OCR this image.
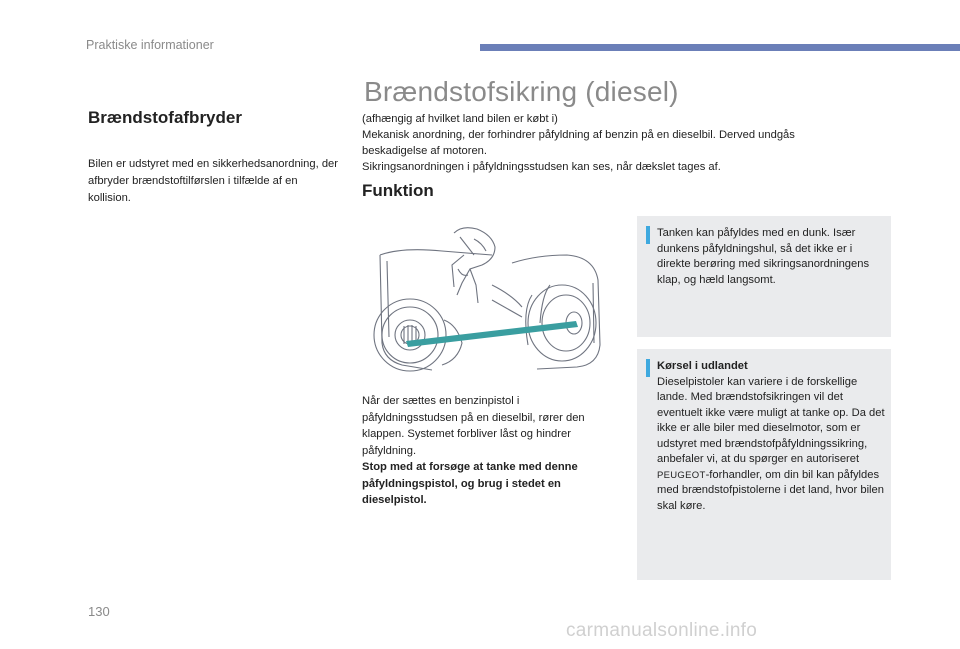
Praktiske informationer
Brændstofafbryder
Bilen er udstyret med en sikkerhedsanordning, der afbryder brændstoftilførslen i tilfælde af en kollision.
Brændstofsikring (diesel)
(afhængig af hvilket land bilen er købt i)
Mekanisk anordning, der forhindrer påfyldning af benzin på en dieselbil. Derved undgås beskadigelse af motoren.
Sikringsanordningen i påfyldningsstudsen kan ses, når dækslet tages af.
Funktion
Når der sættes en benzinpistol i påfyldningsstudsen på en dieselbil, rører den klappen. Systemet forbliver låst og hindrer påfyldning.
Stop med at forsøge at tanke med denne påfyldningspistol, og brug i stedet en dieselpistol.
Tanken kan påfyldes med en dunk. Især dunkens påfyldningshul, så det ikke er i direkte berøring med sikringsanordningens klap, og hæld langsomt.
Kørsel i udlandet
Dieselpistoler kan variere i de forskellige lande. Med brændstofsikringen vil det eventuelt ikke være muligt at tanke op. Da det ikke er alle biler med dieselmotor, som er udstyret med brændstofpåfyldningssikring, anbefaler vi, at du spørger en autoriseret PEUGEOT-forhandler, om din bil kan påfyldes med brændstofpistolerne i det land, hvor bilen skal køre.
130
carmanualsonline.info
